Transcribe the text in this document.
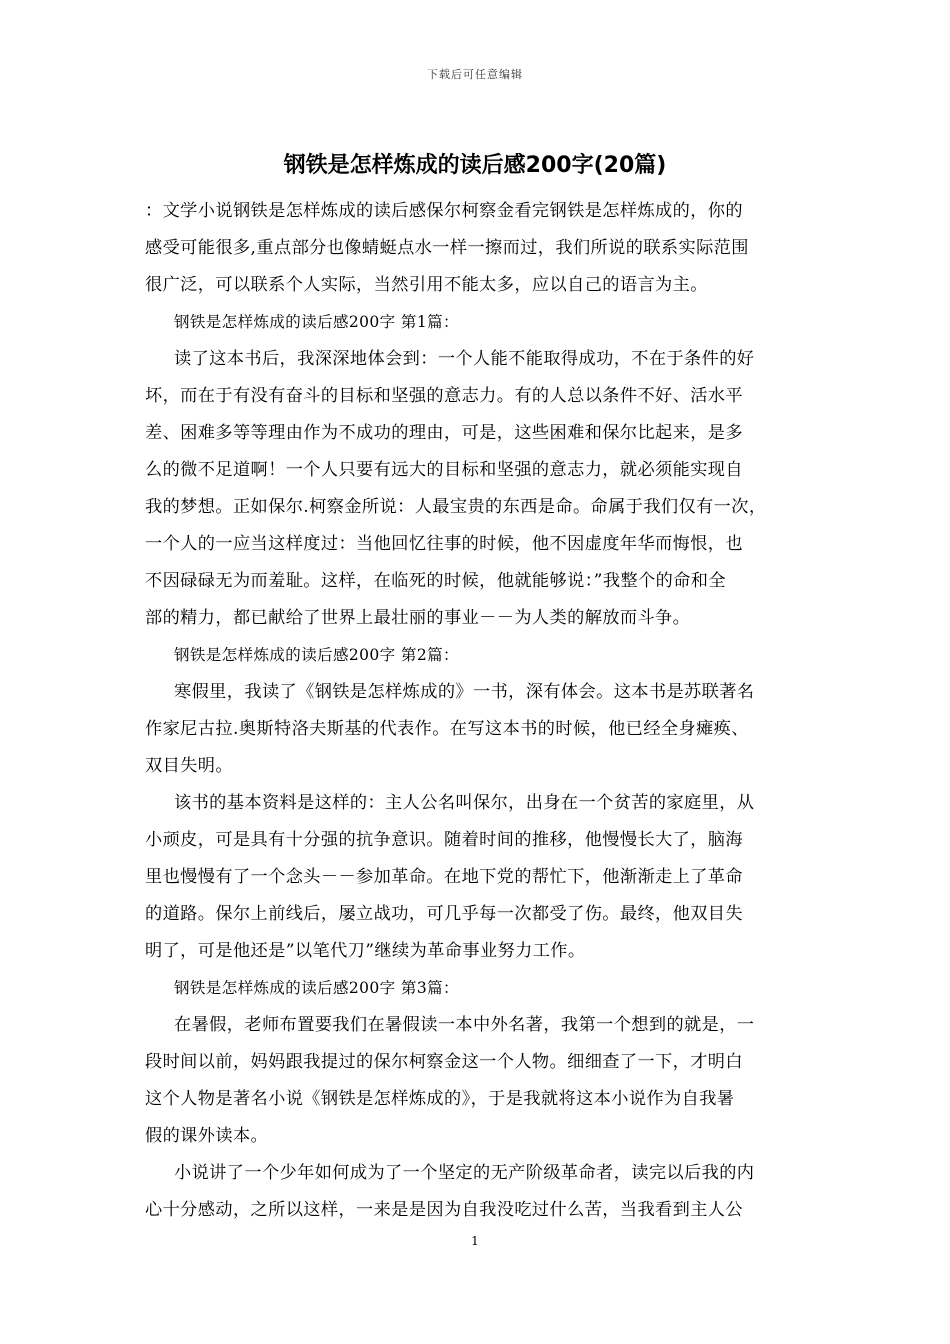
下载后可任意编辑
钢铁是怎样炼成的读后感200字(20篇)
：文学小说钢铁是怎样炼成的读后感保尔柯察金看完钢铁是怎样炼成的，你的
感受可能很多,重点部分也像蜻蜓点水一样一擦而过，我们所说的联系实际范围
很广泛，可以联系个人实际，当然引用不能太多，应以自己的语言为主。
钢铁是怎样炼成的读后感200字 第1篇：
读了这本书后，我深深地体会到：一个人能不能取得成功，不在于条件的好
坏，而在于有没有奋斗的目标和坚强的意志力。有的人总以条件不好、活水平
差、困难多等等理由作为不成功的理由，可是，这些困难和保尔比起来，是多
么的微不足道啊！一个人只要有远大的目标和坚强的意志力，就必须能实现自
我的梦想。正如保尔.柯察金所说：人最宝贵的东西是命。命属于我们仅有一次，
一个人的一应当这样度过：当他回忆往事的时候，他不因虚度年华而悔恨，也
不因碌碌无为而羞耻。这样，在临死的时候，他就能够说：”我整个的命和全
部的精力，都已献给了世界上最壮丽的事业－－为人类的解放而斗争。
钢铁是怎样炼成的读后感200字 第2篇：
寒假里，我读了《钢铁是怎样炼成的》一书，深有体会。这本书是苏联著名
作家尼古拉.奥斯特洛夫斯基的代表作。在写这本书的时候，他已经全身瘫痪、
双目失明。
该书的基本资料是这样的：主人公名叫保尔，出身在一个贫苦的家庭里，从
小顽皮，可是具有十分强的抗争意识。随着时间的推移，他慢慢长大了，脑海
里也慢慢有了一个念头－－参加革命。在地下党的帮忙下，他渐渐走上了革命
的道路。保尔上前线后，屡立战功，可几乎每一次都受了伤。最终，他双目失
明了，可是他还是”以笔代刀”继续为革命事业努力工作。
钢铁是怎样炼成的读后感200字 第3篇：
在暑假，老师布置要我们在暑假读一本中外名著，我第一个想到的就是，一
段时间以前，妈妈跟我提过的保尔柯察金这一个人物。细细查了一下，才明白
这个人物是著名小说《钢铁是怎样炼成的》，于是我就将这本小说作为自我暑
假的课外读本。
小说讲了一个少年如何成为了一个坚定的无产阶级革命者，读完以后我的内
心十分感动，之所以这样，一来是是因为自我没吃过什么苦，当我看到主人公
1
